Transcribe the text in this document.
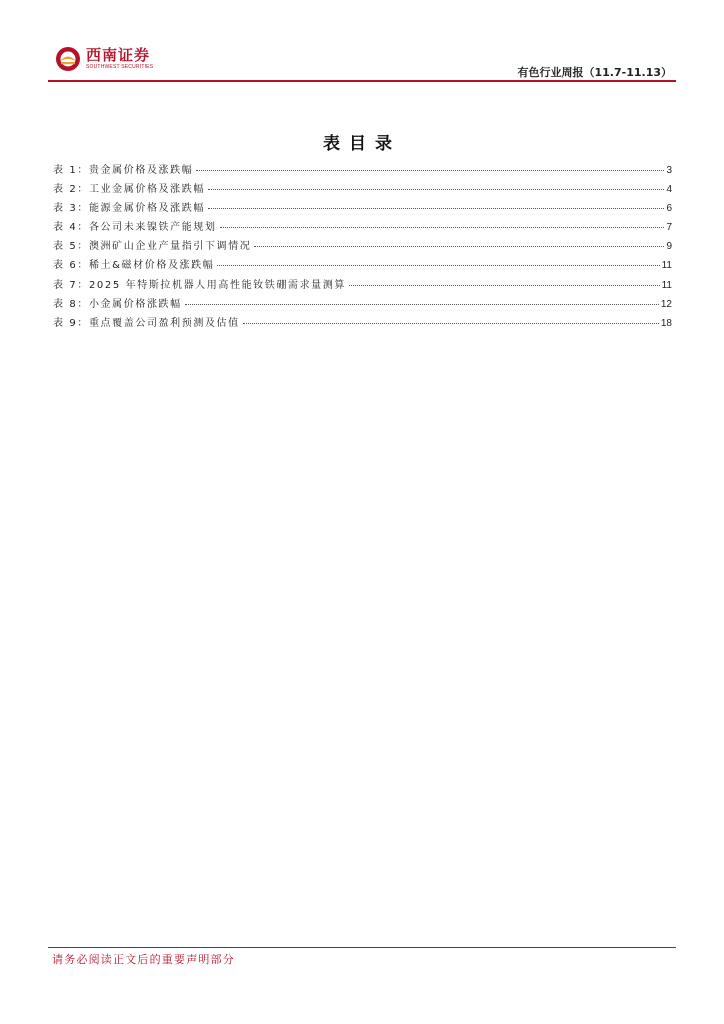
西南证券
SOUTHWEST SECURITIES	有色行业周报（11.7-11.13）
表目录
表 1：贵金属价格及涨跌幅	3
表 2：工业金属价格及涨跌幅	4
表 3：能源金属价格及涨跌幅	6
表 4：各公司未来镍铁产能规划	7
表 5：澳洲矿山企业产量指引下调情况	9
表 6：稀土&磁材价格及涨跌幅	11
表 7：2025 年特斯拉机器人用高性能钕铁硼需求量测算	11
表 8：小金属价格涨跌幅	12
表 9：重点覆盖公司盈利预测及估值	18
请务必阅读正文后的重要声明部分
